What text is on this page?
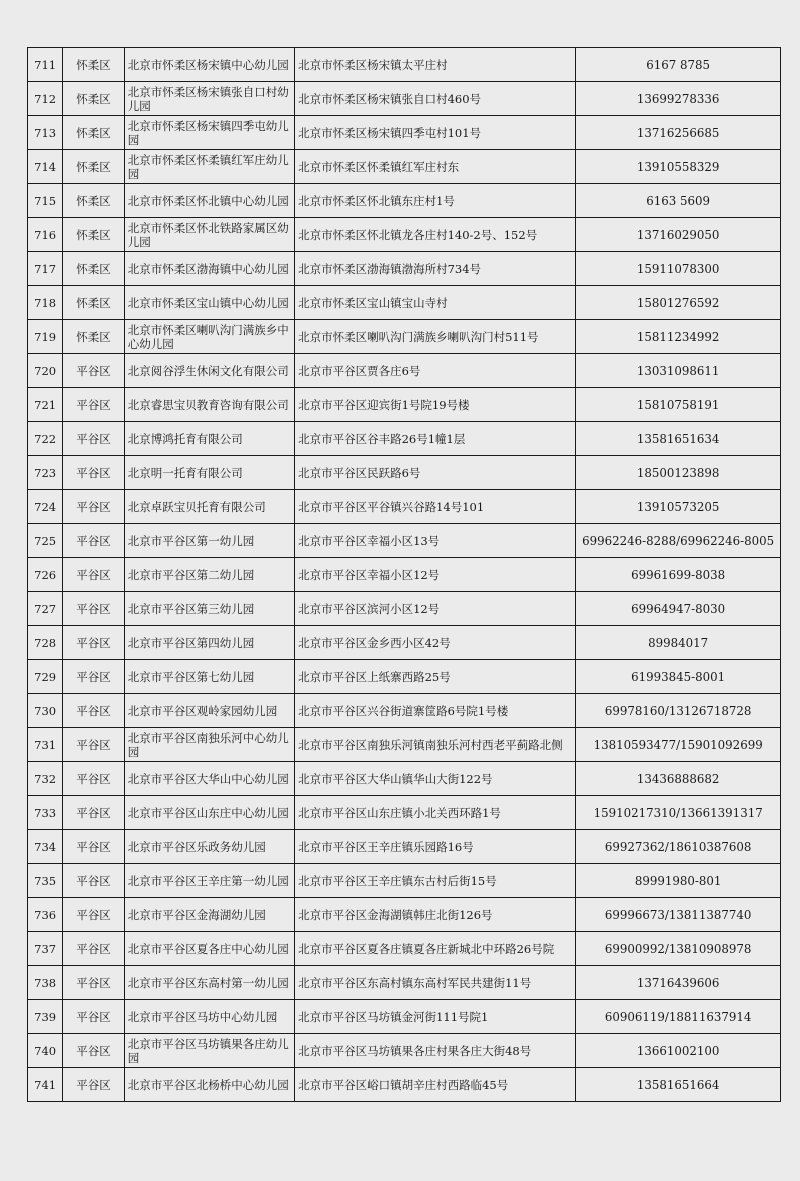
711	怀柔区	北京市怀柔区杨宋镇中心幼儿园	北京市怀柔区杨宋镇太平庄村	6167 8785
712	怀柔区	北京市怀柔区杨宋镇张自口村幼儿园	北京市怀柔区杨宋镇张自口村460号	13699278336
713	怀柔区	北京市怀柔区杨宋镇四季屯幼儿园	北京市怀柔区杨宋镇四季屯村101号	13716256685
714	怀柔区	北京市怀柔区怀柔镇红军庄幼儿园	北京市怀柔区怀柔镇红军庄村东	13910558329
715	怀柔区	北京市怀柔区怀北镇中心幼儿园	北京市怀柔区怀北镇东庄村1号	6163 5609
716	怀柔区	北京市怀柔区怀北铁路家属区幼儿园	北京市怀柔区怀北镇龙各庄村140-2号、152号	13716029050
717	怀柔区	北京市怀柔区渤海镇中心幼儿园	北京市怀柔区渤海镇渤海所村734号	15911078300
718	怀柔区	北京市怀柔区宝山镇中心幼儿园	北京市怀柔区宝山镇宝山寺村	15801276592
719	怀柔区	北京市怀柔区喇叭沟门满族乡中心幼儿园	北京市怀柔区喇叭沟门满族乡喇叭沟门村511号	15811234992
720	平谷区	北京阅谷浮生休闲文化有限公司	北京市平谷区贾各庄6号	13031098611
721	平谷区	北京睿思宝贝教育咨询有限公司	北京市平谷区迎宾街1号院19号楼	15810758191
722	平谷区	北京博鸿托育有限公司	北京市平谷区谷丰路26号1幢1层	13581651634
723	平谷区	北京明一托育有限公司	北京市平谷区民跃路6号	18500123898
724	平谷区	北京卓跃宝贝托育有限公司	北京市平谷区平谷镇兴谷路14号101	13910573205
725	平谷区	北京市平谷区第一幼儿园	北京市平谷区幸福小区13号	69962246-8288/69962246-8005
726	平谷区	北京市平谷区第二幼儿园	北京市平谷区幸福小区12号	69961699-8038
727	平谷区	北京市平谷区第三幼儿园	北京市平谷区滨河小区12号	69964947-8030
728	平谷区	北京市平谷区第四幼儿园	北京市平谷区金乡西小区42号	89984017
729	平谷区	北京市平谷区第七幼儿园	北京市平谷区上纸寨西路25号	61993845-8001
730	平谷区	北京市平谷区观岭家园幼儿园	北京市平谷区兴谷街道寨筐路6号院1号楼	69978160/13126718728
731	平谷区	北京市平谷区南独乐河中心幼儿园	北京市平谷区南独乐河镇南独乐河村西老平蓟路北侧	13810593477/15901092699
732	平谷区	北京市平谷区大华山中心幼儿园	北京市平谷区大华山镇华山大街122号	13436888682
733	平谷区	北京市平谷区山东庄中心幼儿园	北京市平谷区山东庄镇小北关西环路1号	15910217310/13661391317
734	平谷区	北京市平谷区乐政务幼儿园	北京市平谷区王辛庄镇乐园路16号	69927362/18610387608
735	平谷区	北京市平谷区王辛庄第一幼儿园	北京市平谷区王辛庄镇东古村后街15号	89991980-801
736	平谷区	北京市平谷区金海湖幼儿园	北京市平谷区金海湖镇韩庄北街126号	69996673/13811387740
737	平谷区	北京市平谷区夏各庄中心幼儿园	北京市平谷区夏各庄镇夏各庄新城北中环路26号院	69900992/13810908978
738	平谷区	北京市平谷区东高村第一幼儿园	北京市平谷区东高村镇东高村军民共建街11号	13716439606
739	平谷区	北京市平谷区马坊中心幼儿园	北京市平谷区马坊镇金河街111号院1	60906119/18811637914
740	平谷区	北京市平谷区马坊镇果各庄幼儿园	北京市平谷区马坊镇果各庄村果各庄大街48号	13661002100
741	平谷区	北京市平谷区北杨桥中心幼儿园	北京市平谷区峪口镇胡辛庄村西路临45号	13581651664
